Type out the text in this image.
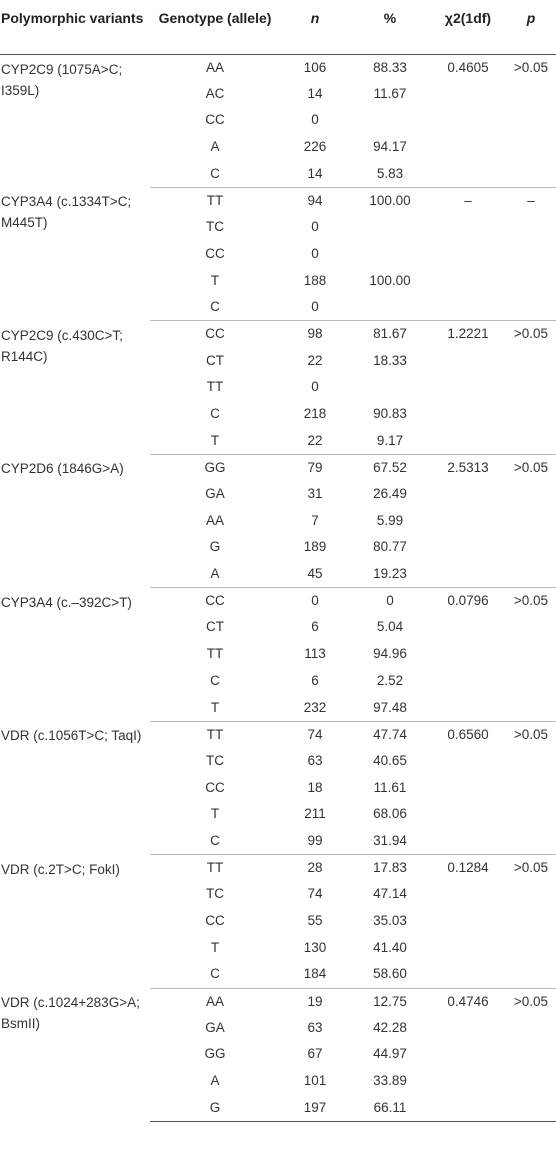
Polymorphic variants	Genotype (allele)	n	%	χ2(1df)	p
CYP2C9 (1075A>C; I359L)	AA	106	88.33	0.4605	>0.05
	AC	14	11.67		
	CC	0			
	A	226	94.17		
	C	14	5.83		
CYP3A4 (c.1334T>C; M445T)	TT	94	100.00	–	–
	TC	0			
	CC	0			
	T	188	100.00		
	C	0			
CYP2C9 (c.430C>T; R144C)	CC	98	81.67	1.2221	>0.05
	CT	22	18.33		
	TT	0			
	C	218	90.83		
	T	22	9.17		
CYP2D6 (1846G>A)	GG	79	67.52	2.5313	>0.05
	GA	31	26.49		
	AA	7	5.99		
	G	189	80.77		
	A	45	19.23		
CYP3A4 (c.–392C>T)	CC	0	0	0.0796	>0.05
	CT	6	5.04		
	TT	113	94.96		
	C	6	2.52		
	T	232	97.48		
VDR (c.1056T>C; TaqI)	TT	74	47.74	0.6560	>0.05
	TC	63	40.65		
	CC	18	11.61		
	T	211	68.06		
	C	99	31.94		
VDR (c.2T>C; FokI)	TT	28	17.83	0.1284	>0.05
	TC	74	47.14		
	CC	55	35.03		
	T	130	41.40		
	C	184	58.60		
VDR (c.1024+283G>A; BsmII)	AA	19	12.75	0.4746	>0.05
	GA	63	42.28		
	GG	67	44.97		
	A	101	33.89		
	G	197	66.11		
